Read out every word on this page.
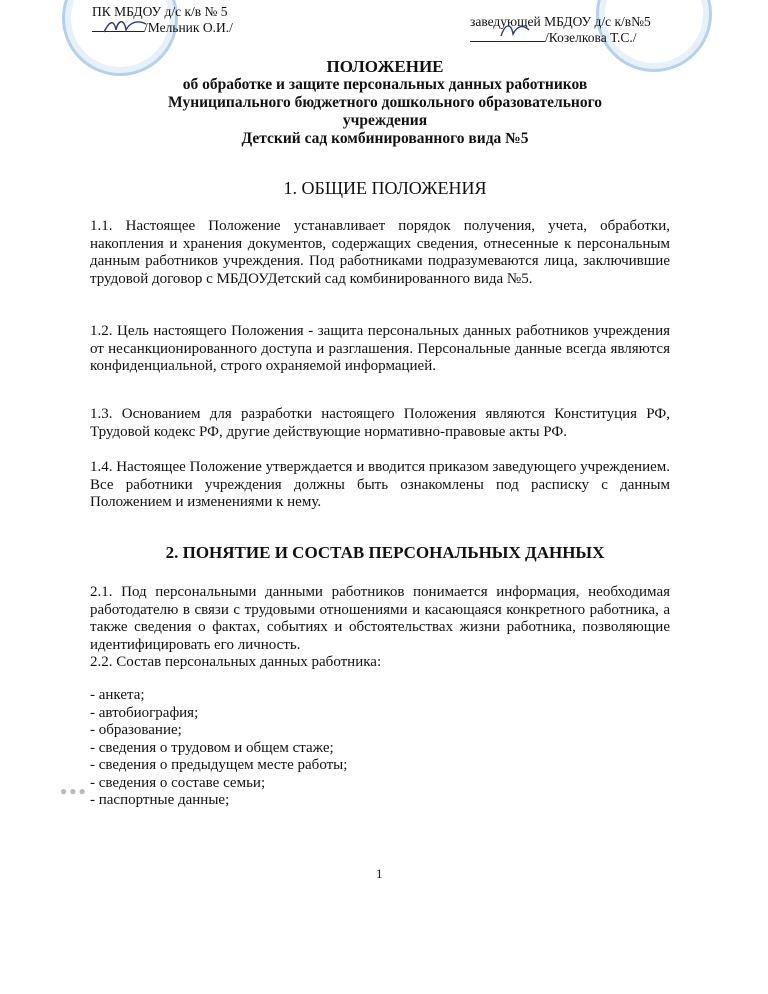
ПК МБДОУ д/с к/в № 5
/Мельник О.И./	заведующей МБДОУ д/с к/в№5
/Козелкова Т.С./
ПОЛОЖЕНИЕ
об обработке и защите персональных данных работников
Муниципального бюджетного дошкольного образовательного
учреждения
Детский сад комбинированного вида №5
1. ОБЩИЕ ПОЛОЖЕНИЯ
1.1. Настоящее Положение устанавливает порядок получения, учета, обработки, накопления и хранения документов, содержащих сведения, отнесенные к персональным данным работников учреждения. Под работниками подразумеваются лица, заключившие трудовой договор с МБДОУДетский сад комбинированного вида №5.
1.2. Цель настоящего Положения - защита персональных данных работников учреждения от несанкционированного доступа и разглашения. Персональные данные всегда являются конфиденциальной, строго охраняемой информацией.
1.3. Основанием для разработки настоящего Положения являются Конституция РФ, Трудовой кодекс РФ, другие действующие нормативно-правовые акты РФ.
1.4. Настоящее Положение утверждается и вводится приказом заведующего учреждением. Все работники учреждения должны быть ознакомлены под расписку с данным Положением и изменениями к нему.
2. ПОНЯТИЕ И СОСТАВ ПЕРСОНАЛЬНЫХ ДАННЫХ
2.1. Под персональными данными работников понимается информация, необходимая работодателю в связи с трудовыми отношениями и касающаяся конкретного работника, а также сведения о фактах, событиях и обстоятельствах жизни работника, позволяющие идентифицировать его личность.
2.2. Состав персональных данных работника:
- анкета;
- автобиография;
- образование;
- сведения о трудовом и общем стаже;
- сведения о предыдущем месте работы;
- сведения о составе семьи;
- паспортные данные;
●●●
1
